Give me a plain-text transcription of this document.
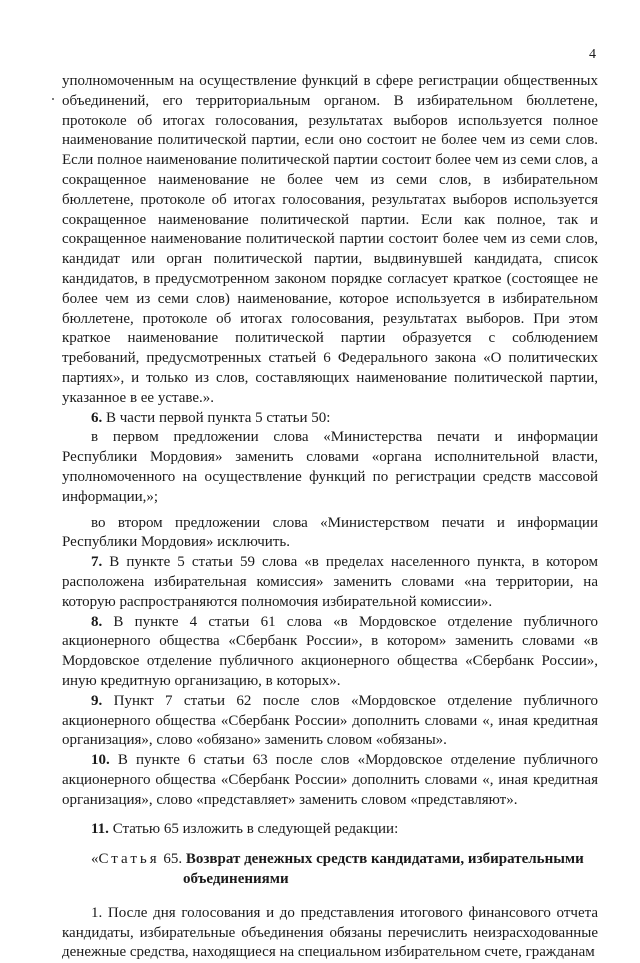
4

уполномоченным на осуществление функций в сфере регистрации общественных объединений, его территориальным органом. В избирательном бюллетене, протоколе об итогах голосования, результатах выборов используется полное наименование политической партии, если оно состоит не более чем из семи слов. Если полное наименование политической партии состоит более чем из семи слов, а сокращенное наименование не более чем из семи слов, в избирательном бюллетене, протоколе об итогах голосования, результатах выборов используется сокращенное наименование политической партии. Если как полное, так и сокращенное наименование политической партии состоит более чем из семи слов, кандидат или орган политической партии, выдвинувшей кандидата, список кандидатов, в предусмотренном законом порядке согласует краткое (состоящее не более чем из семи слов) наименование, которое используется в избирательном бюллетене, протоколе об итогах голосования, результатах выборов. При этом краткое наименование политической партии образуется с соблюдением требований, предусмотренных статьей 6 Федерального закона «О политических партиях», и только из слов, составляющих наименование политической партии, указанное в ее уставе.».

6. В части первой пункта 5 статьи 50:

в первом предложении слова «Министерства печати и информации Республики Мордовия» заменить словами «органа исполнительной власти, уполномоченного на осуществление функций по регистрации средств массовой информации,»;

во втором предложении слова «Министерством печати и информации Республики Мордовия» исключить.

7. В пункте 5 статьи 59 слова «в пределах населенного пункта, в котором расположена избирательная комиссия» заменить словами «на территории, на которую распространяются полномочия избирательной комиссии».

8. В пункте 4 статьи 61 слова «в Мордовское отделение публичного акционерного общества «Сбербанк России», в котором» заменить словами «в Мордовское отделение публичного акционерного общества «Сбербанк России», иную кредитную организацию, в которых».

9. Пункт 7 статьи 62 после слов «Мордовское отделение публичного акционерного общества «Сбербанк России» дополнить словами «, иная кредитная организация», слово «обязано» заменить словом «обязаны».

10. В пункте 6 статьи 63 после слов «Мордовское отделение публичного акционерного общества «Сбербанк России» дополнить словами «, иная кредитная организация», слово «представляет» заменить словом «представляют».

11. Статью 65 изложить в следующей редакции:

«Статья 65. Возврат денежных средств кандидатами, избирательными
объединениями

1. После дня голосования и до представления итогового финансового отчета кандидаты, избирательные объединения обязаны перечислить неизрасходованные денежные средства, находящиеся на специальном избирательном счете, гражданам
